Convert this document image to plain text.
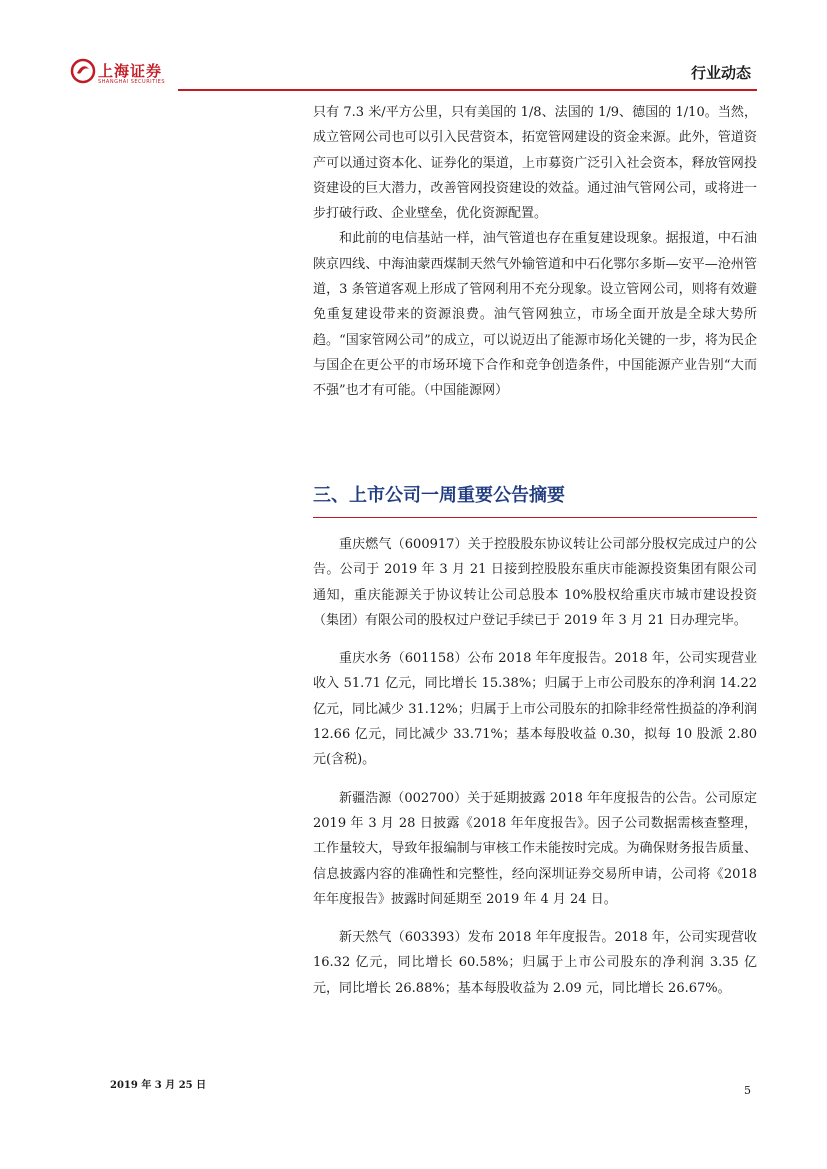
上海证券
SHANGHAI SECURITIES	行业动态

只有 7.3 米/平方公里，只有美国的 1/8、法国的 1/9、德国的 1/10。当然，成立管网公司也可以引入民营资本，拓宽管网建设的资金来源。此外，管道资产可以通过资本化、证券化的渠道，上市募资广泛引入社会资本，释放管网投资建设的巨大潜力，改善管网投资建设的效益。通过油气管网公司，或将进一步打破行政、企业壁垒，优化资源配置。

和此前的电信基站一样，油气管道也存在重复建设现象。据报道，中石油陕京四线、中海油蒙西煤制天然气外输管道和中石化鄂尔多斯—安平—沧州管道，3 条管道客观上形成了管网利用不充分现象。设立管网公司，则将有效避免重复建设带来的资源浪费。油气管网独立，市场全面开放是全球大势所趋。“国家管网公司”的成立，可以说迈出了能源市场化关键的一步，将为民企与国企在更公平的市场环境下合作和竞争创造条件，中国能源产业告别“大而不强”也才有可能。（中国能源网）

三、上市公司一周重要公告摘要

重庆燃气（600917）关于控股股东协议转让公司部分股权完成过户的公告。公司于 2019 年 3 月 21 日接到控股股东重庆市能源投资集团有限公司通知，重庆能源关于协议转让公司总股本 10%股权给重庆市城市建设投资（集团）有限公司的股权过户登记手续已于 2019 年 3 月 21 日办理完毕。

重庆水务（601158）公布 2018 年年度报告。2018 年，公司实现营业收入 51.71 亿元，同比增长 15.38%；归属于上市公司股东的净利润 14.22 亿元，同比减少 31.12%；归属于上市公司股东的扣除非经常性损益的净利润 12.66 亿元，同比减少 33.71%；基本每股收益 0.30，拟每 10 股派 2.80 元(含税)。

新疆浩源（002700）关于延期披露 2018 年年度报告的公告。公司原定 2019 年 3 月 28 日披露《2018 年年度报告》。因子公司数据需核查整理，工作量较大，导致年报编制与审核工作未能按时完成。为确保财务报告质量、信息披露内容的准确性和完整性，经向深圳证券交易所申请，公司将《2018 年年度报告》披露时间延期至 2019 年 4 月 24 日。

新天然气（603393）发布 2018 年年度报告。2018 年，公司实现营收 16.32 亿元，同比增长 60.58%；归属于上市公司股东的净利润 3.35 亿元，同比增长 26.88%；基本每股收益为 2.09 元，同比增长 26.67%。

2019 年 3 月 25 日	5
